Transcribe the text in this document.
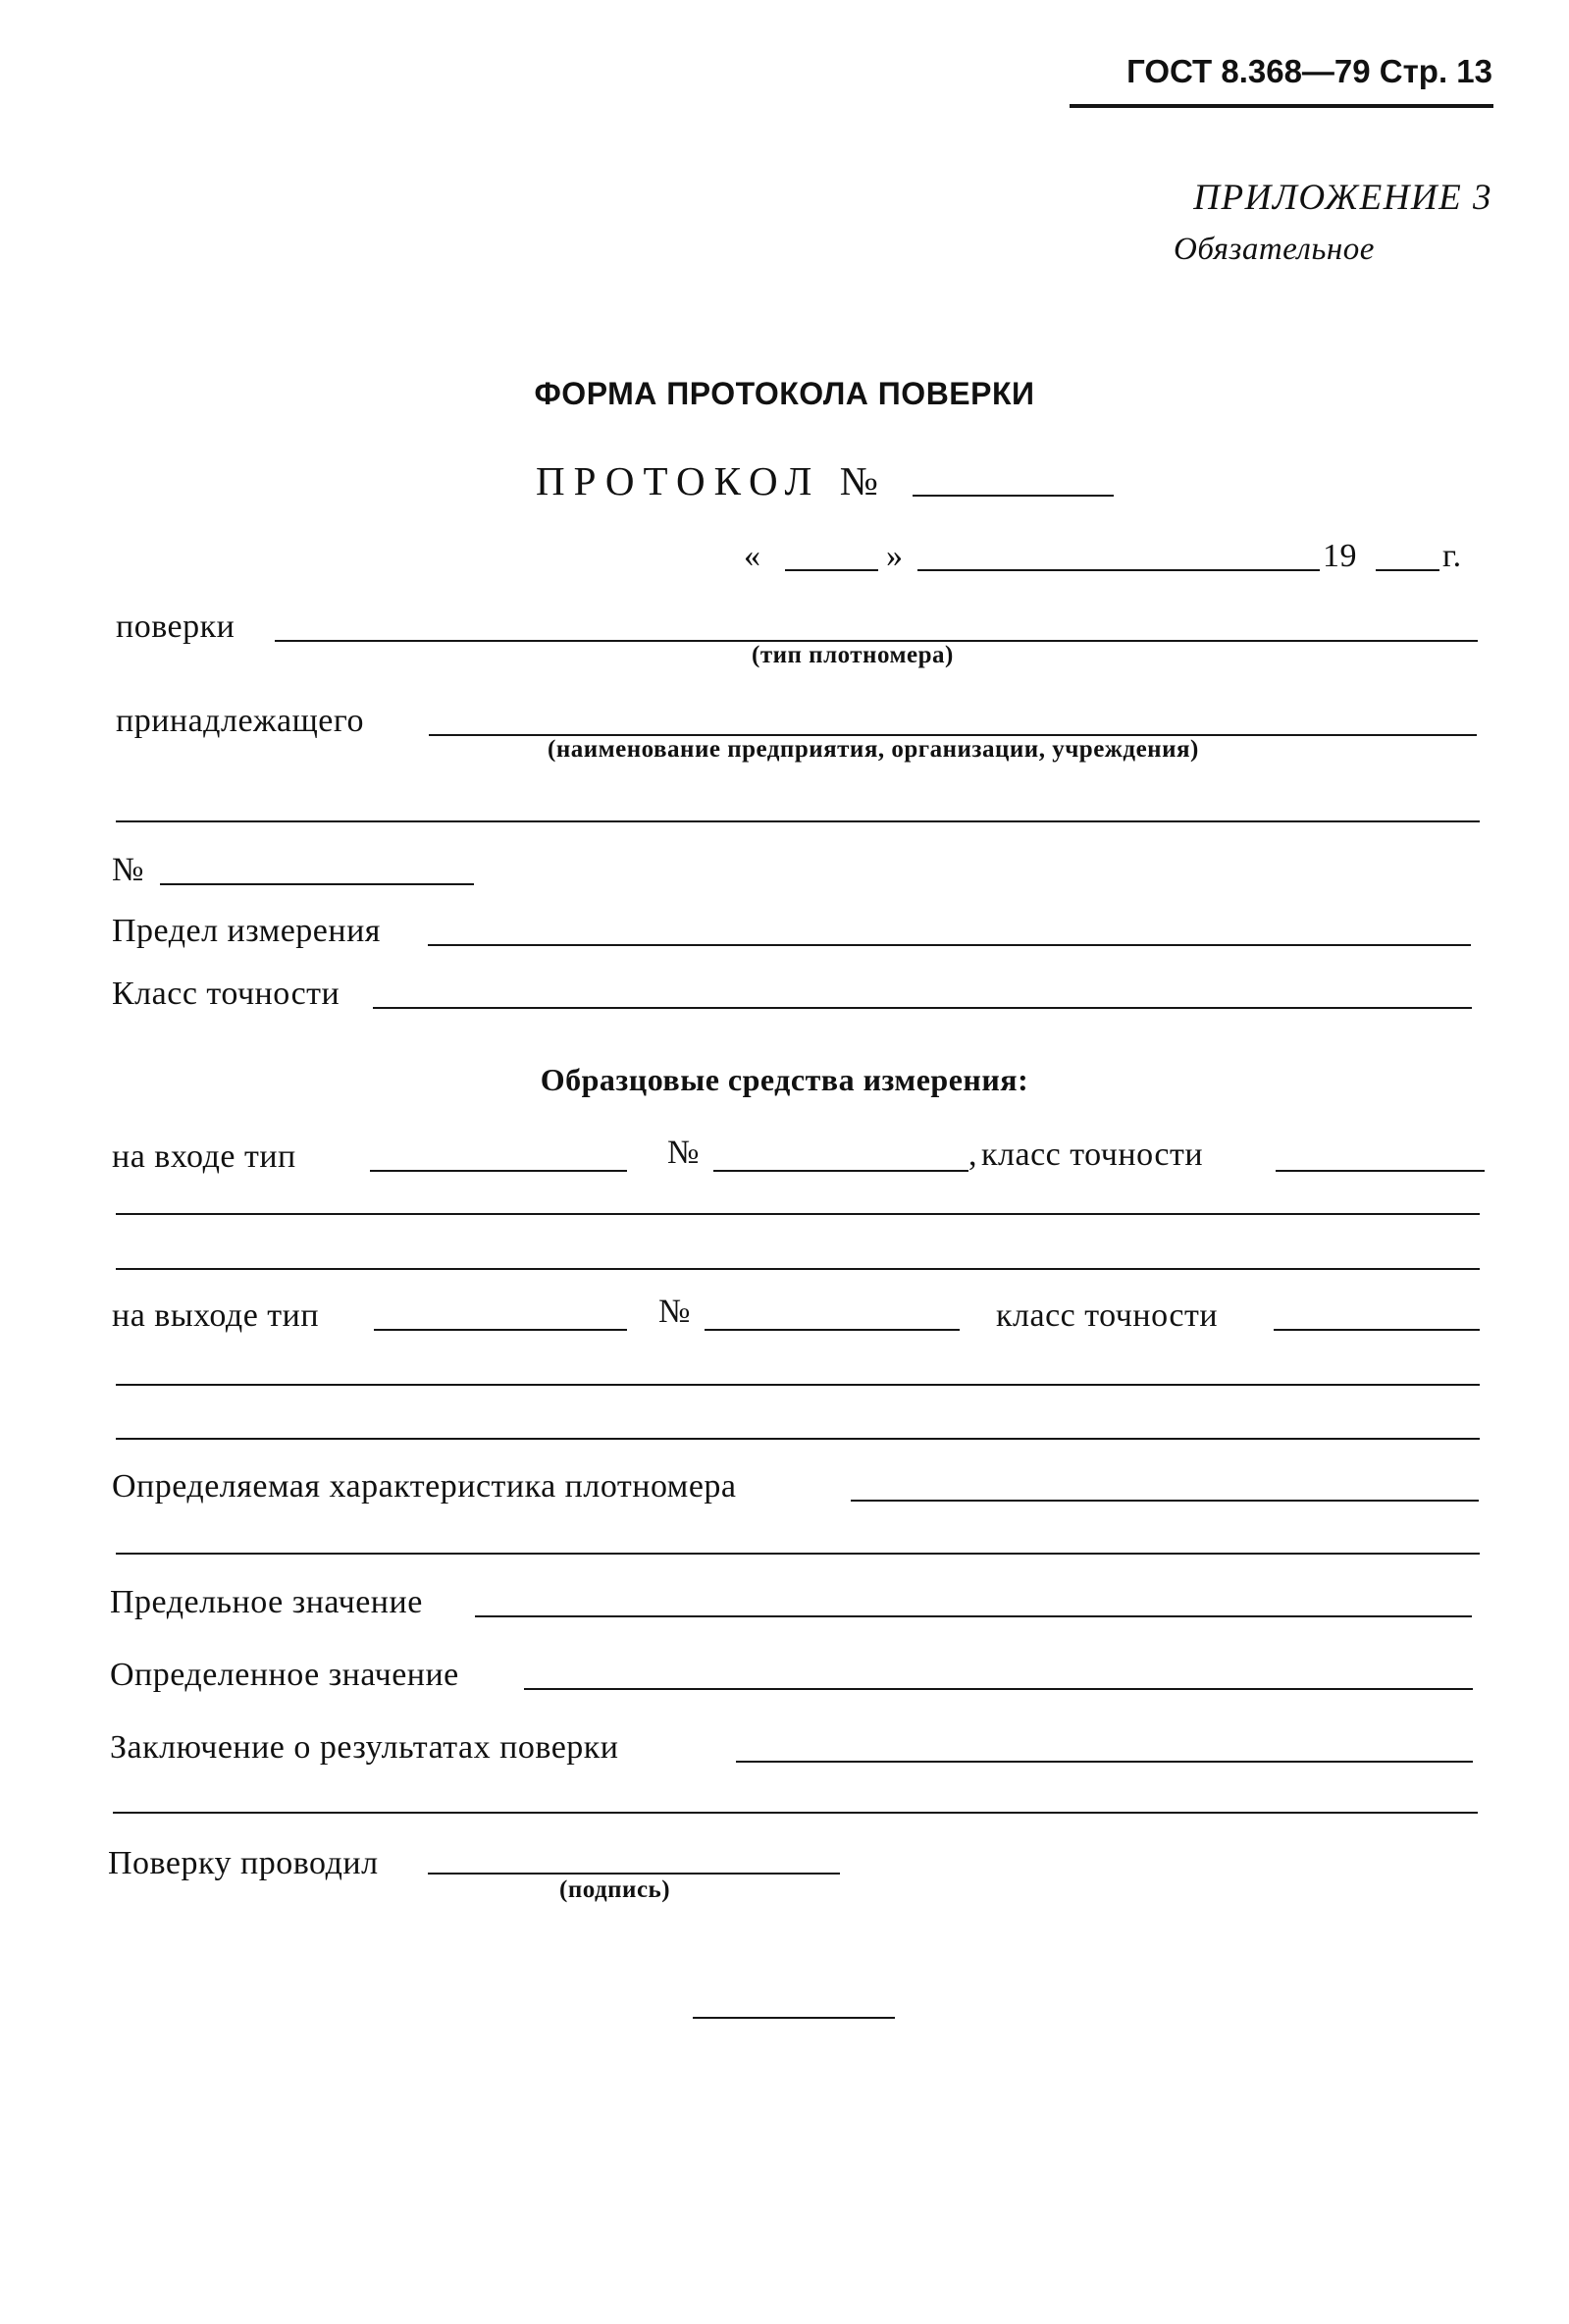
ГОСТ 8.368—79 Стр. 13
ПРИЛОЖЕНИЕ 3
Обязательное
ФОРМА ПРОТОКОЛА ПОВЕРКИ
ПРОТОКОЛ №
«	»	19	г.
поверки
(тип плотномера)
принадлежащего
(наименование предприятия, организации, учреждения)
№
Предел измерения
Класс точности
Образцовые средства измерения:
на входе тип	№	, класс точности
на выходе тип	№	класс точности
Определяемая характеристика плотномера
Предельное значение
Определенное значение
Заключение о результатах поверки
Поверку проводил
(подпись)
